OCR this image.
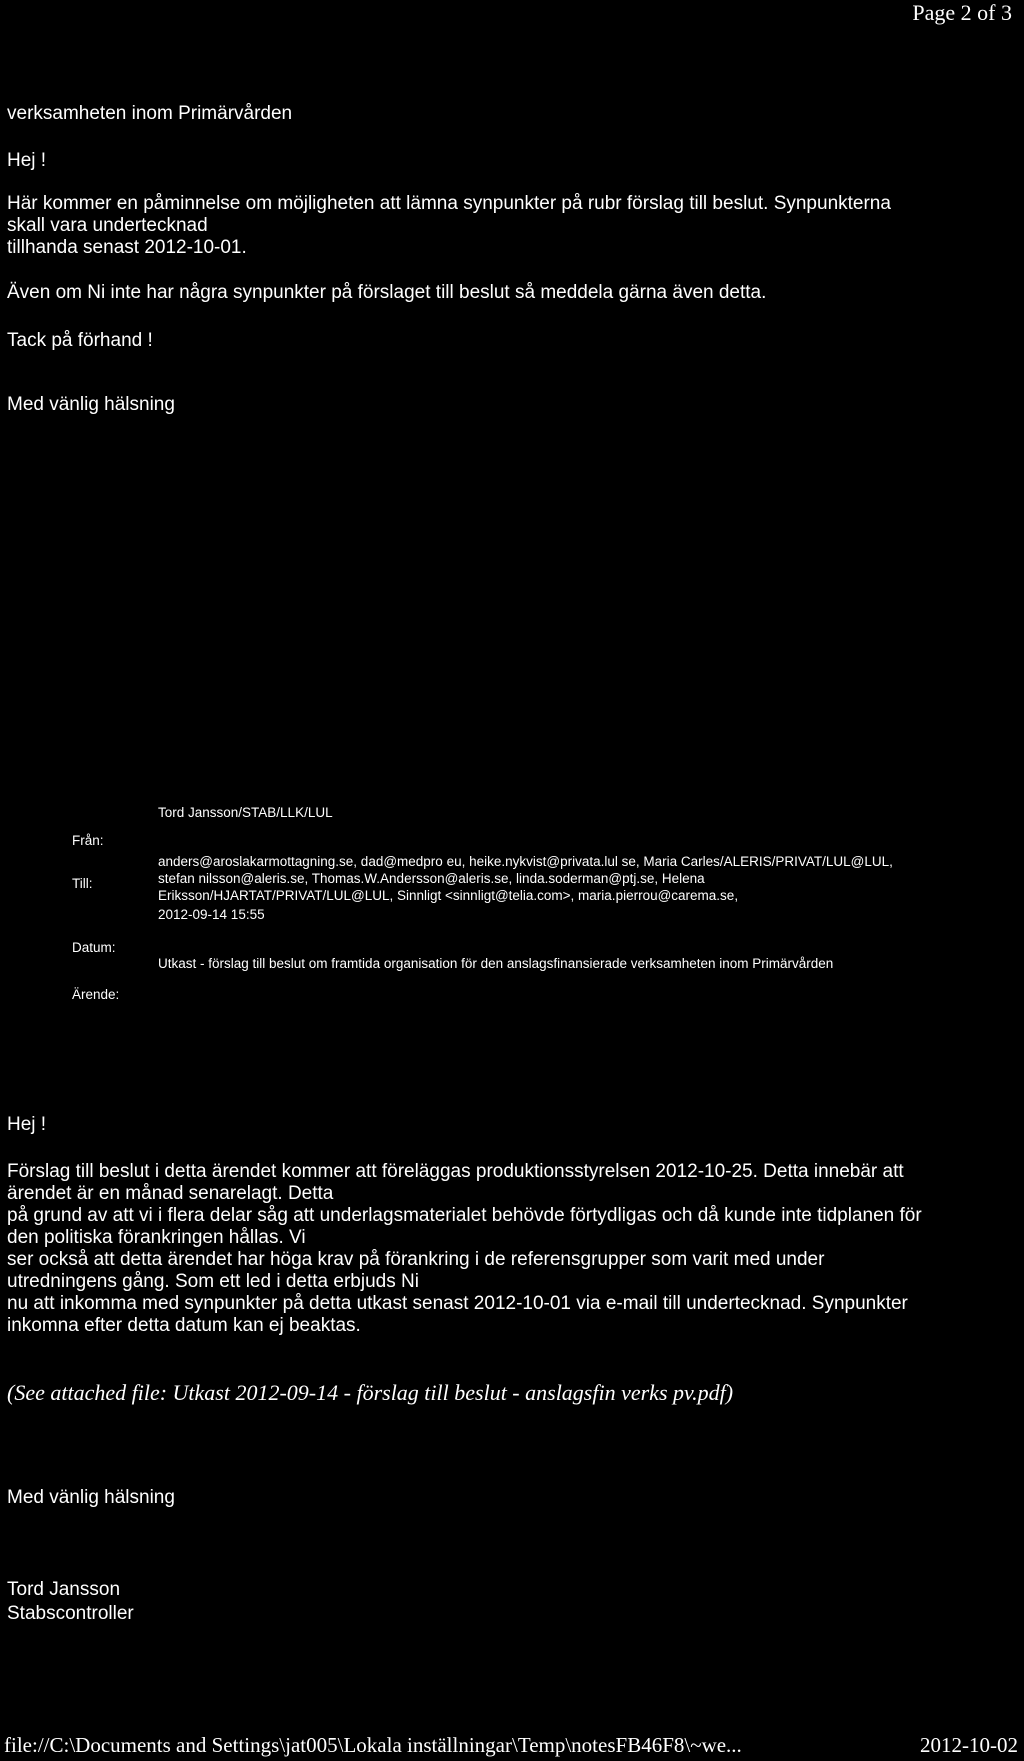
Page 2 of 3
verksamheten inom Primärvården
Hej !
Här kommer en påminnelse om möjligheten att lämna synpunkter på rubr förslag till beslut. Synpunkterna
skall vara undertecknad
tillhanda senast 2012-10-01.
Även om Ni inte har några synpunkter på förslaget till beslut så meddela gärna även detta.
Tack på förhand !
Med vänlig hälsning
Tord Jansson/STAB/LLK/LUL
Från:
Till:
Datum:
Ärende:
anders@aroslakarmottagning.se, dad@medpro eu, heike.nykvist@privata.lul se, Maria Carles/ALERIS/PRIVAT/LUL@LUL,
stefan nilsson@aleris.se, Thomas.W.Andersson@aleris.se, linda.soderman@ptj.se, Helena
Eriksson/HJARTAT/PRIVAT/LUL@LUL, Sinnligt <sinnligt@telia.com>, maria.pierrou@carema.se,
2012-09-14 15:55
Utkast - förslag till beslut om framtida organisation för den anslagsfinansierade verksamheten inom Primärvården
Hej !
Förslag till beslut i detta ärendet kommer att föreläggas produktionsstyrelsen 2012-10-25. Detta innebär att
ärendet är en månad senarelagt. Detta
på grund av att vi i flera delar såg att underlagsmaterialet behövde förtydligas och då kunde inte tidplanen för
den politiska förankringen hållas. Vi
ser också att detta ärendet har höga krav på förankring i de referensgrupper som varit med under
utredningens gång. Som ett led i detta erbjuds Ni
nu att inkomma med synpunkter på detta utkast senast 2012-10-01 via e-mail till undertecknad. Synpunkter
inkomna efter detta datum kan ej beaktas.
(See attached file: Utkast 2012-09-14 - förslag till beslut - anslagsfin verks pv.pdf)
Med vänlig hälsning
Tord Jansson
Stabscontroller
file://C:\Documents and Settings\jat005\Lokala inställningar\Temp\notesFB46F8\~we...	2012-10-02
